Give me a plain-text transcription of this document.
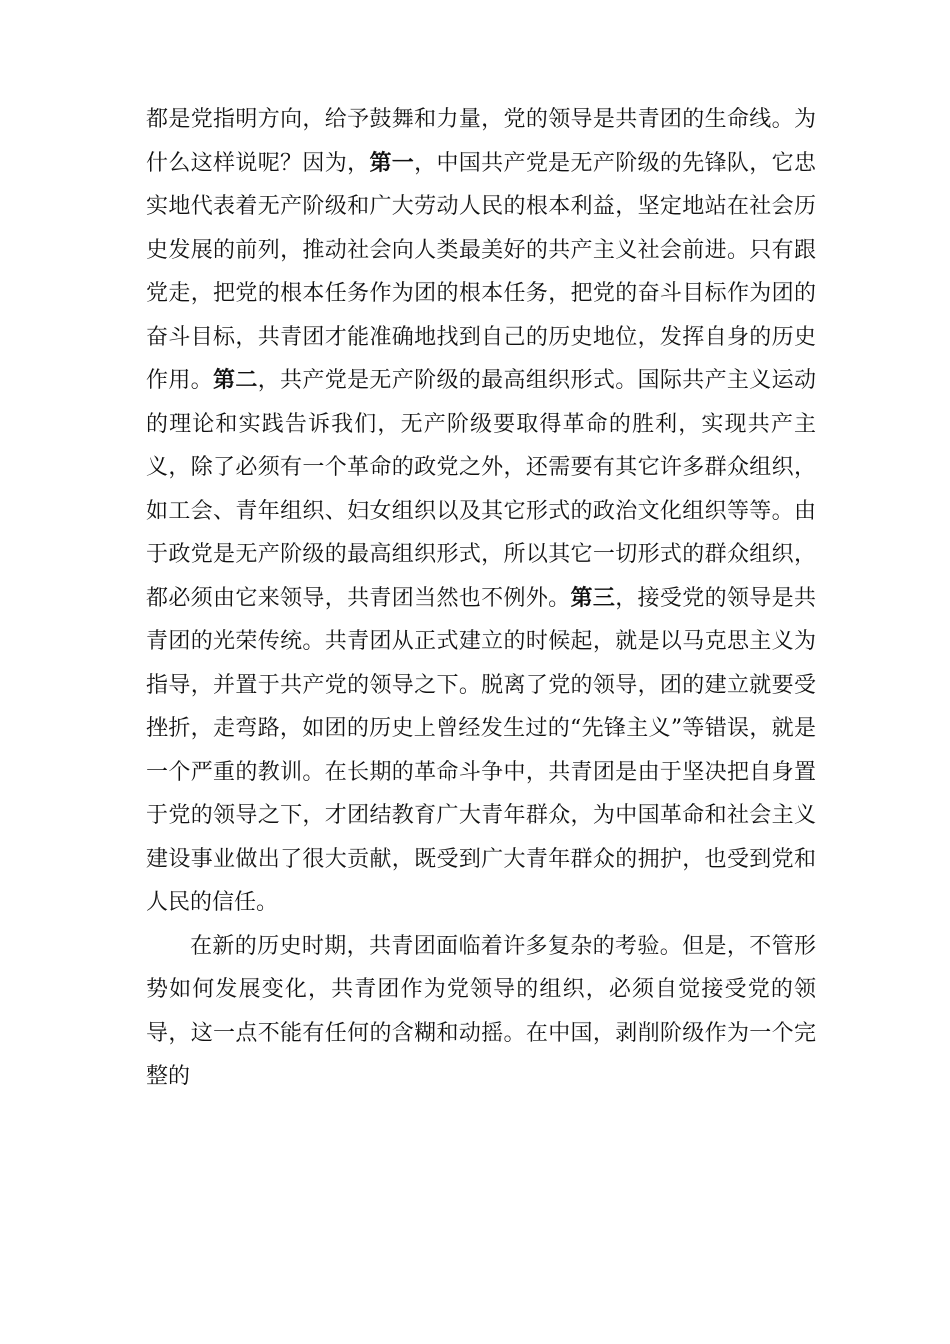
都是党指明方向，给予鼓舞和力量，党的领导是共青团的生命线。为什么这样说呢？因为，第一，中国共产党是无产阶级的先锋队，它忠实地代表着无产阶级和广大劳动人民的根本利益，坚定地站在社会历史发展的前列，推动社会向人类最美好的共产主义社会前进。只有跟党走，把党的根本任务作为团的根本任务，把党的奋斗目标作为团的奋斗目标，共青团才能准确地找到自己的历史地位，发挥自身的历史作用。第二，共产党是无产阶级的最高组织形式。国际共产主义运动的理论和实践告诉我们，无产阶级要取得革命的胜利，实现共产主义，除了必须有一个革命的政党之外，还需要有其它许多群众组织，如工会、青年组织、妇女组织以及其它形式的政治文化组织等等。由于政党是无产阶级的最高组织形式，所以其它一切形式的群众组织，都必须由它来领导，共青团当然也不例外。第三，接受党的领导是共青团的光荣传统。共青团从正式建立的时候起，就是以马克思主义为指导，并置于共产党的领导之下。脱离了党的领导，团的建立就要受挫折，走弯路，如团的历史上曾经发生过的“先锋主义”等错误，就是一个严重的教训。在长期的革命斗争中，共青团是由于坚决把自身置于党的领导之下，才团结教育广大青年群众，为中国革命和社会主义建设事业做出了很大贡献，既受到广大青年群众的拥护，也受到党和人民的信任。

在新的历史时期，共青团面临着许多复杂的考验。但是，不管形势如何发展变化，共青团作为党领导的组织，必须自觉接受党的领导，这一点不能有任何的含糊和动摇。在中国，剥削阶级作为一个完整的
